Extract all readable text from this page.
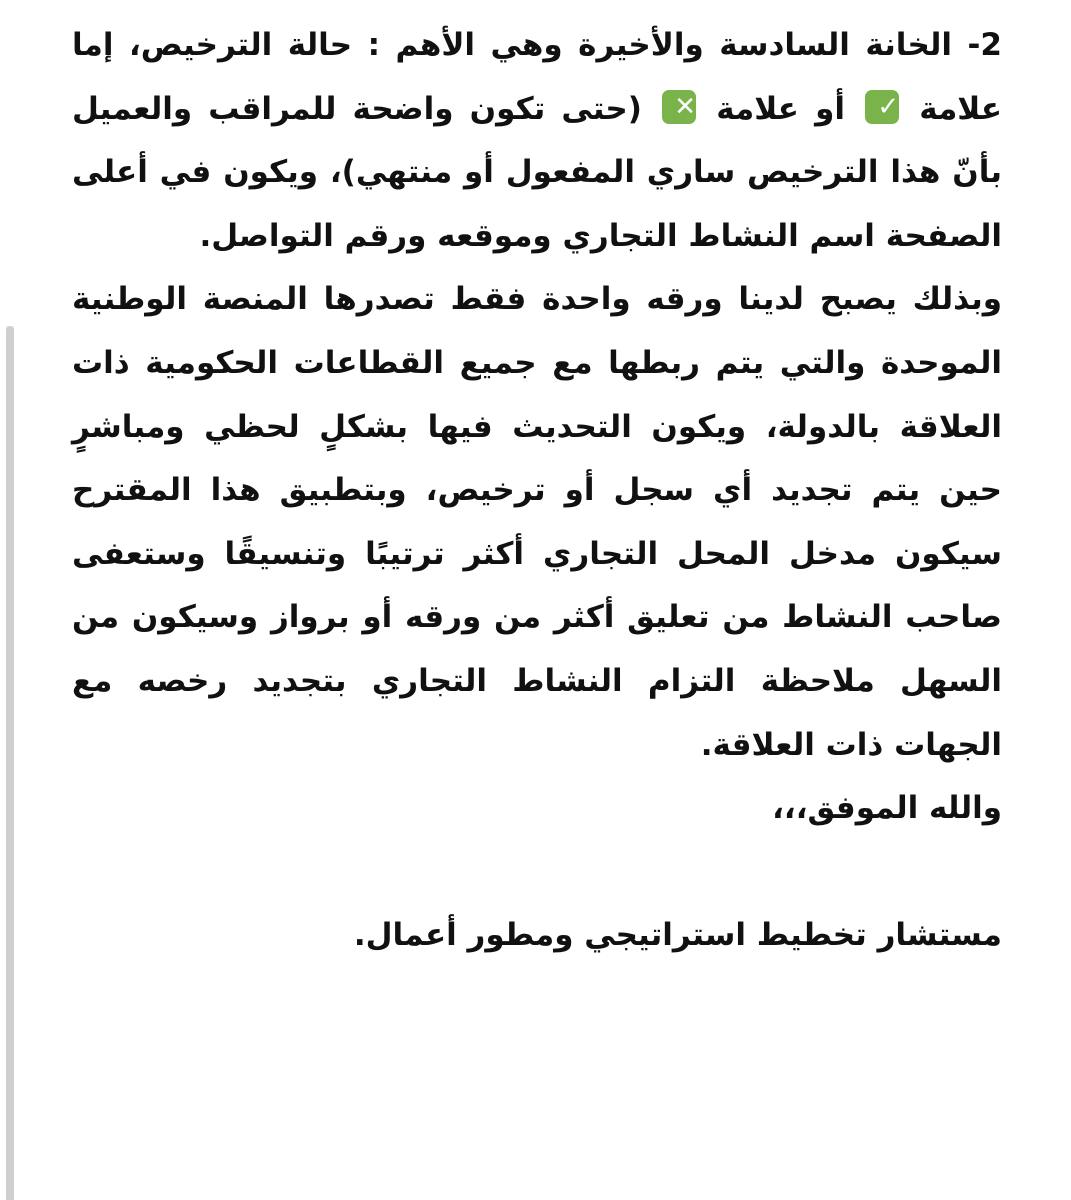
2- الخانة السادسة والأخيرة وهي الأهم : حالة الترخيص، إما
علامة ✓ أو علامة ✕ (حتى تكون واضحة للمراقب والعميل
بأنّ هذا الترخيص ساري المفعول أو منتهي)، ويكون في أعلى
الصفحة اسم النشاط التجاري وموقعه ورقم التواصل.
وبذلك يصبح لدينا ورقه واحدة فقط تصدرها المنصة الوطنية
الموحدة والتي يتم ربطها مع جميع القطاعات الحكومية ذات
العلاقة بالدولة، ويكون التحديث فيها بشكلٍ لحظي ومباشرٍ
حين يتم تجديد أي سجل أو ترخيص، وبتطبيق هذا المقترح
سيكون مدخل المحل التجاري أكثر ترتيبًا وتنسيقًا وستعفى
صاحب النشاط من تعليق أكثر من ورقه أو برواز وسيكون من
السهل ملاحظة التزام النشاط التجاري بتجديد رخصه مع
الجهات ذات العلاقة.
والله الموفق،،،
مستشار تخطيط استراتيجي ومطور أعمال.
